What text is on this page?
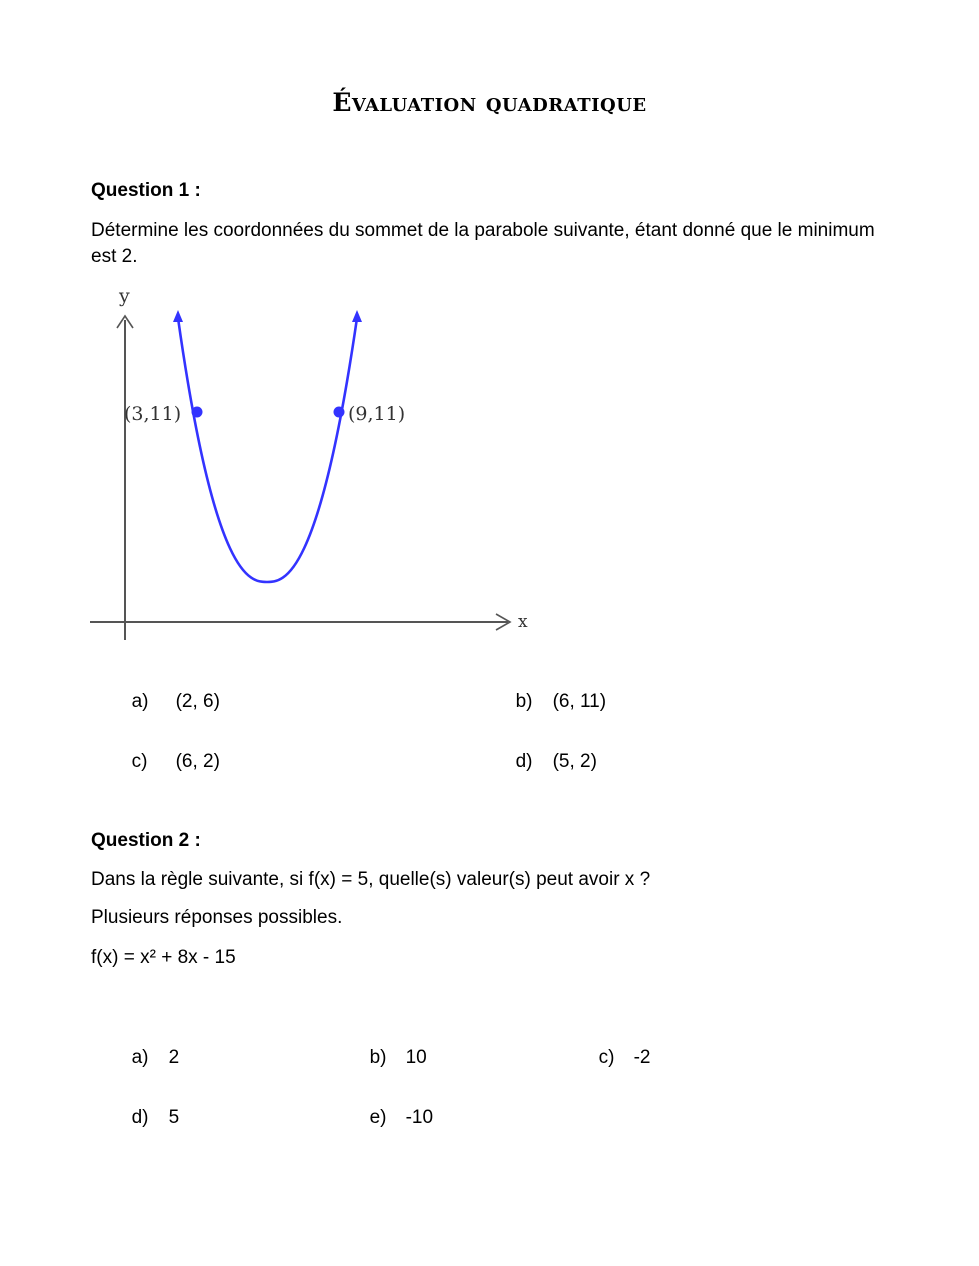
Évaluation quadratique
Question 1 :
Détermine les coordonnées du sommet de la parabole suivante, étant donné que le minimum est 2.
y
x
(3,11)	(9,11)

a) (2, 6)	b) (6, 11)

c) (6, 2)	d) (5, 2)

Question 2 :
Dans la règle suivante, si f(x) = 5, quelle(s) valeur(s) peut avoir x ?
Plusieurs réponses possibles.
f(x) = x² + 8x - 15

a) 2	b) 10	c) -2

d) 5	e) -10
